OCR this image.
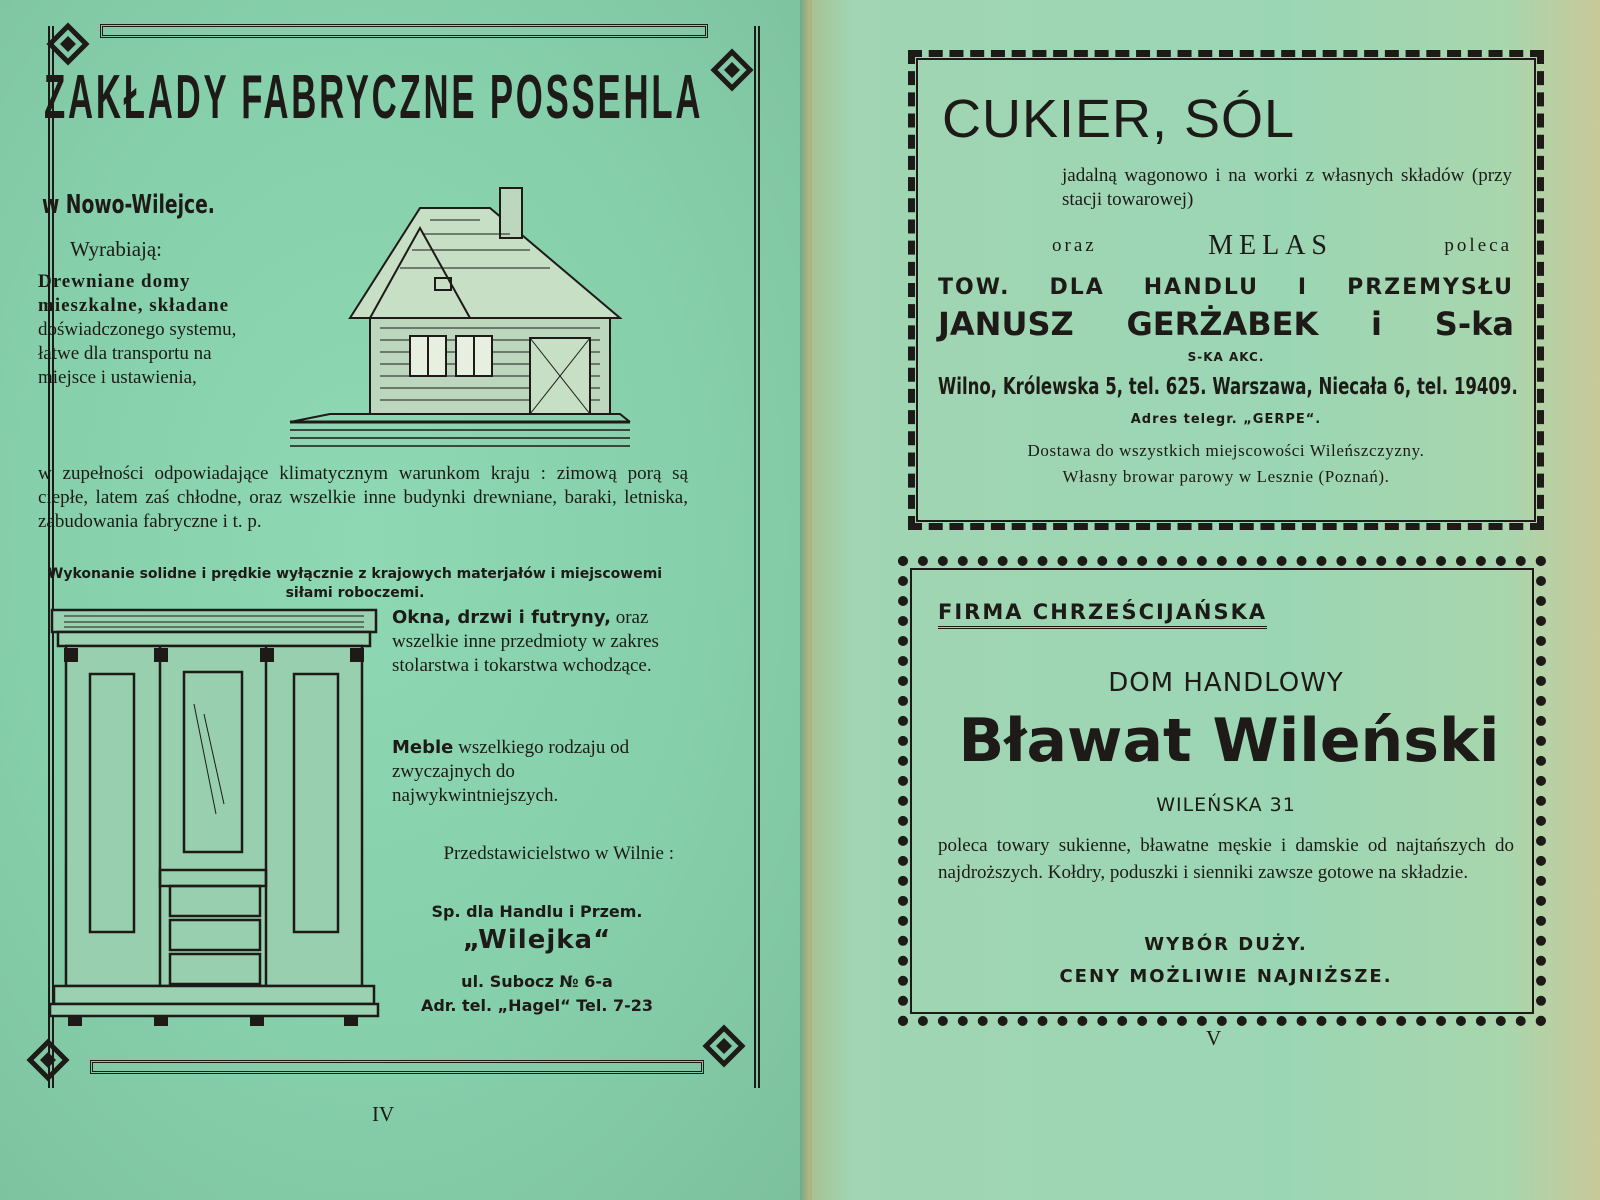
ZAKŁADY FABRYCZNE POSSEHLA
w Nowo-Wilejce.
Wyrabiają:
Drewniane domy mieszkalne, składane doświadczonego systemu, łatwe dla transportu na miejsce i ustawienia,
w zupełności odpowiadające klimatycznym warunkom kraju : zimową porą są ciepłe, latem zaś chłodne, oraz wszelkie inne budynki drewniane, baraki, letniska, zabudowania fabryczne i t. p.
Wykonanie solidne i prędkie wyłącznie z krajowych materjałów i miejscowemi siłami roboczemi.
Okna, drzwi i futryny, oraz wszelkie inne przedmioty w zakres stolarstwa i tokarstwa wchodzące.
Meble wszelkiego rodzaju od zwyczajnych do najwykwintniejszych.
Przedstawicielstwo w Wilnie :
Sp. dla Handlu i Przem.
„Wilejka“
ul. Subocz № 6-a
Adr. tel. „Hagel“ Tel. 7-23
IV
CUKIER, SÓL
jadalną wagonowo i na worki z własnych składów (przy stacji towarowej)
oraz	MELAS	poleca
TOW. DLA HANDLU I PRZEMYSŁU
JANUSZ GERŻABEK i S-ka
S-KA AKC.
Wilno, Królewska 5, tel. 625. Warszawa, Niecała 6, tel. 19409.
Adres telegr. „GERPE“.
Dostawa do wszystkich miejscowości Wileńszczyzny.
Własny browar parowy w Lesznie (Poznań).
FIRMA CHRZEŚCIJAŃSKA
DOM HANDLOWY
Bławat Wileński
WILEŃSKA 31
poleca towary sukienne, bławatne męskie i damskie od najtańszych do najdroższych. Kołdry, poduszki i sienniki zawsze gotowe na składzie.
WYBÓR DUŻY.
CENY MOŻLIWIE NAJNIŻSZE.
V
